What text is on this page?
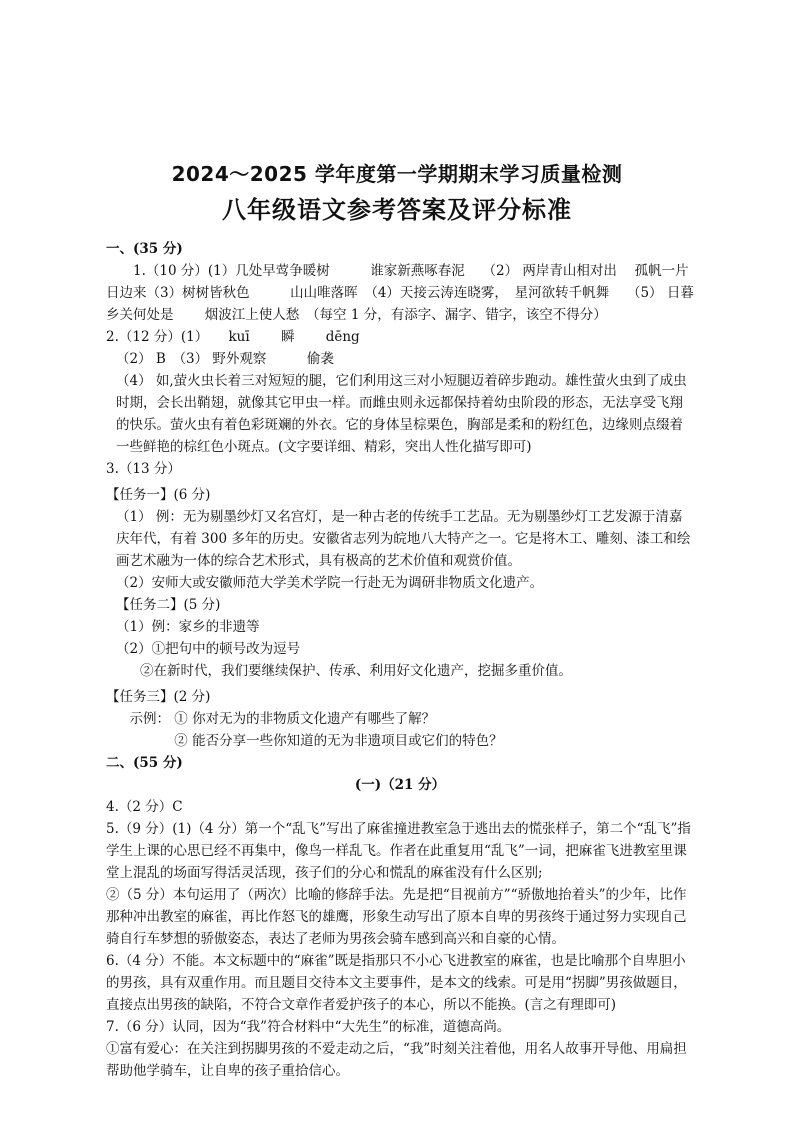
2024～2025 学年度第一学期期末学习质量检测
八年级语文参考答案及评分标准

一、(35 分)

　　1.（10 分）(1）几处早莺争暖树　　　谁家新燕啄春泥　 （2） 两岸青山相对出　 孤帆一片日边来（3）树树皆秋色　　　山山唯落晖　（4）天接云涛连晓雾，　星河欲转千帆舞　 （5） 日暮乡关何处是　　 烟波江上使人愁　（每空 1 分，有添字、漏字、错字，该空不得分）

2.（12 分）(1）　　kuī　　 瞬　　 dēng

（2） B　（3） 野外观察　　　偷袭

（4） 如,萤火虫长着三对短短的腿，它们利用这三对小短腿迈着碎步跑动。雄性萤火虫到了成虫时期，会长出鞘翅，就像其它甲虫一样。而雌虫则永远都保持着幼虫阶段的形态，无法享受飞翔的快乐。萤火虫有着色彩斑斓的外衣。它的身体呈棕栗色，胸部是柔和的粉红色，边缘则点缀着一些鲜艳的棕红色小斑点。(文字要详细、精彩，突出人性化描写即可)

3.（13 分）

【任务一】(6 分)

（1） 例：无为剔墨纱灯又名宫灯，是一种古老的传统手工艺品。无为剔墨纱灯工艺发源于清嘉庆年代，有着 300 多年的历史。安徽省志列为皖地八大特产之一。它是将木工、雕刻、漆工和绘画艺术融为一体的综合艺术形式，具有极高的艺术价值和观赏价值。

（2）安师大或安徽师范大学美术学院一行赴无为调研非物质文化遗产。

【任务二】(5 分)

（1）例：家乡的非遗等

（2）①把句中的顿号改为逗号

②在新时代，我们要继续保护、传承、利用好文化遗产，挖掘多重价值。

【任务三】(2 分)

　示例： ① 你对无为的非物质文化遗产有哪些了解？

　　　　 ② 能否分享一些你知道的无为非遗项目或它们的特色？

二、(55 分)

(一)（21 分）

4.（2 分）C

5.（9 分）(1)（4 分）第一个“乱飞”写出了麻雀撞进教室急于逃出去的慌张样子，第二个“乱飞”指学生上课的心思已经不再集中，像鸟一样乱飞。作者在此重复用“乱飞”一词，把麻雀飞进教室里课堂上混乱的场面写得活灵活现，孩子们的分心和慌乱的麻雀没有什么区别;

②（5 分）本句运用了（两次）比喻的修辞手法。先是把“目视前方”“骄傲地抬着头”的少年，比作那种冲出教室的麻雀，再比作怒飞的雄鹰，形象生动写出了原本自卑的男孩终于通过努力实现自己骑自行车梦想的骄傲姿态，表达了老师为男孩会骑车感到高兴和自豪的心情。

6.（4 分）不能。本文标题中的“麻雀”既是指那只不小心飞进教室的麻雀，也是比喻那个自卑胆小的男孩，具有双重作用。而且题目交待本文主要事件，是本文的线索。可是用“拐脚”男孩做题目，直接点出男孩的缺陷，不符合文章作者爱护孩子的本心，所以不能换。(言之有理即可)

7.（6 分）认同，因为“我”符合材料中“大先生”的标准，道德高尚。

①富有爱心：在关注到拐脚男孩的不爱走动之后，“我”时刻关注着他，用名人故事开导他、用扁担帮助他学骑车，让自卑的孩子重拾信心。
